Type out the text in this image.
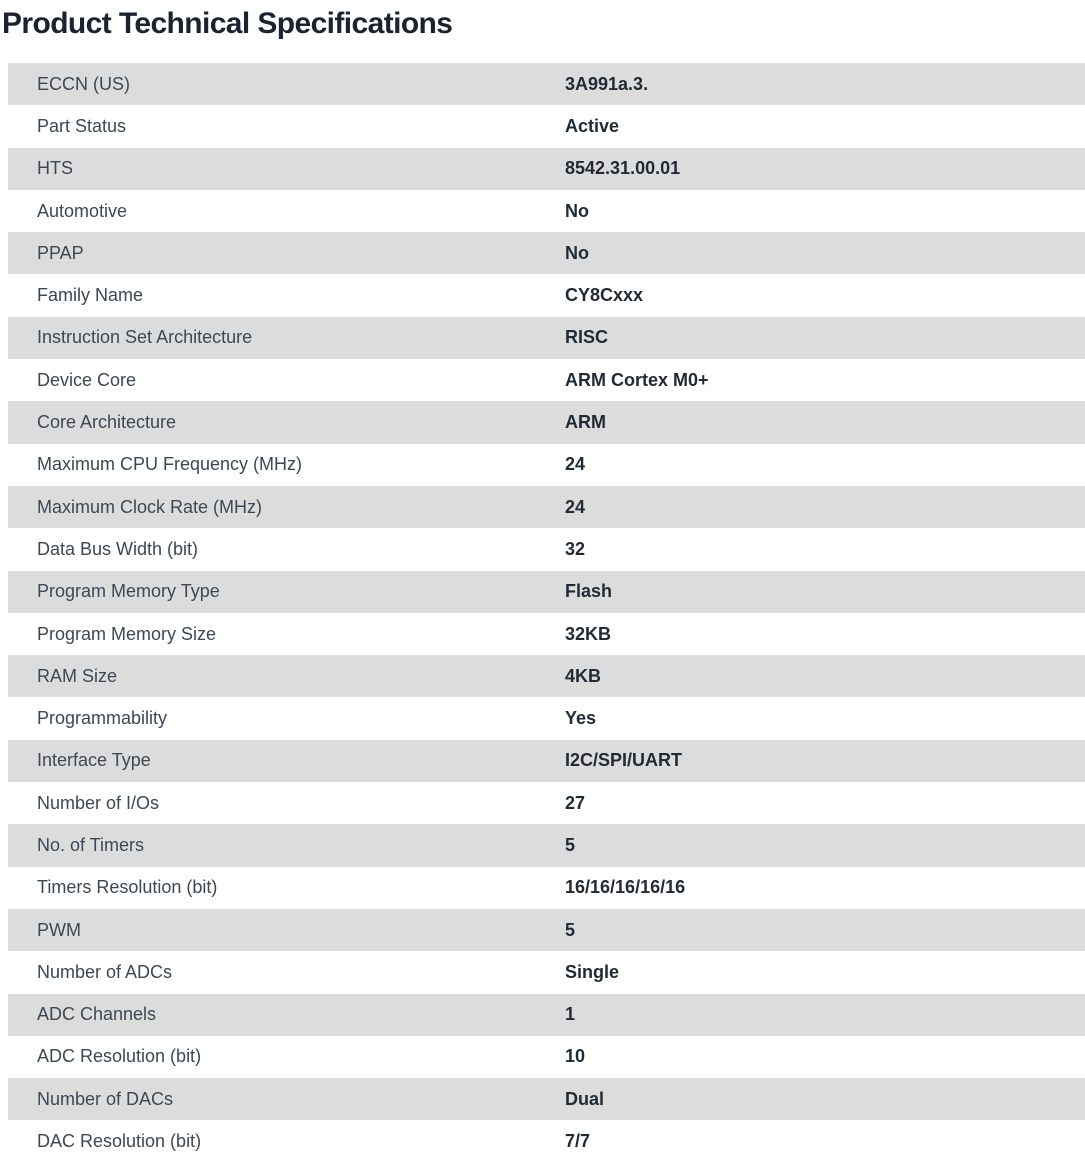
Product Technical Specifications
ECCN (US)	3A991a.3.
Part Status	Active
HTS	8542.31.00.01
Automotive	No
PPAP	No
Family Name	CY8Cxxx
Instruction Set Architecture	RISC
Device Core	ARM Cortex M0+
Core Architecture	ARM
Maximum CPU Frequency (MHz)	24
Maximum Clock Rate (MHz)	24
Data Bus Width (bit)	32
Program Memory Type	Flash
Program Memory Size	32KB
RAM Size	4KB
Programmability	Yes
Interface Type	I2C/SPI/UART
Number of I/Os	27
No. of Timers	5
Timers Resolution (bit)	16/16/16/16/16
PWM	5
Number of ADCs	Single
ADC Channels	1
ADC Resolution (bit)	10
Number of DACs	Dual
DAC Resolution (bit)	7/7
